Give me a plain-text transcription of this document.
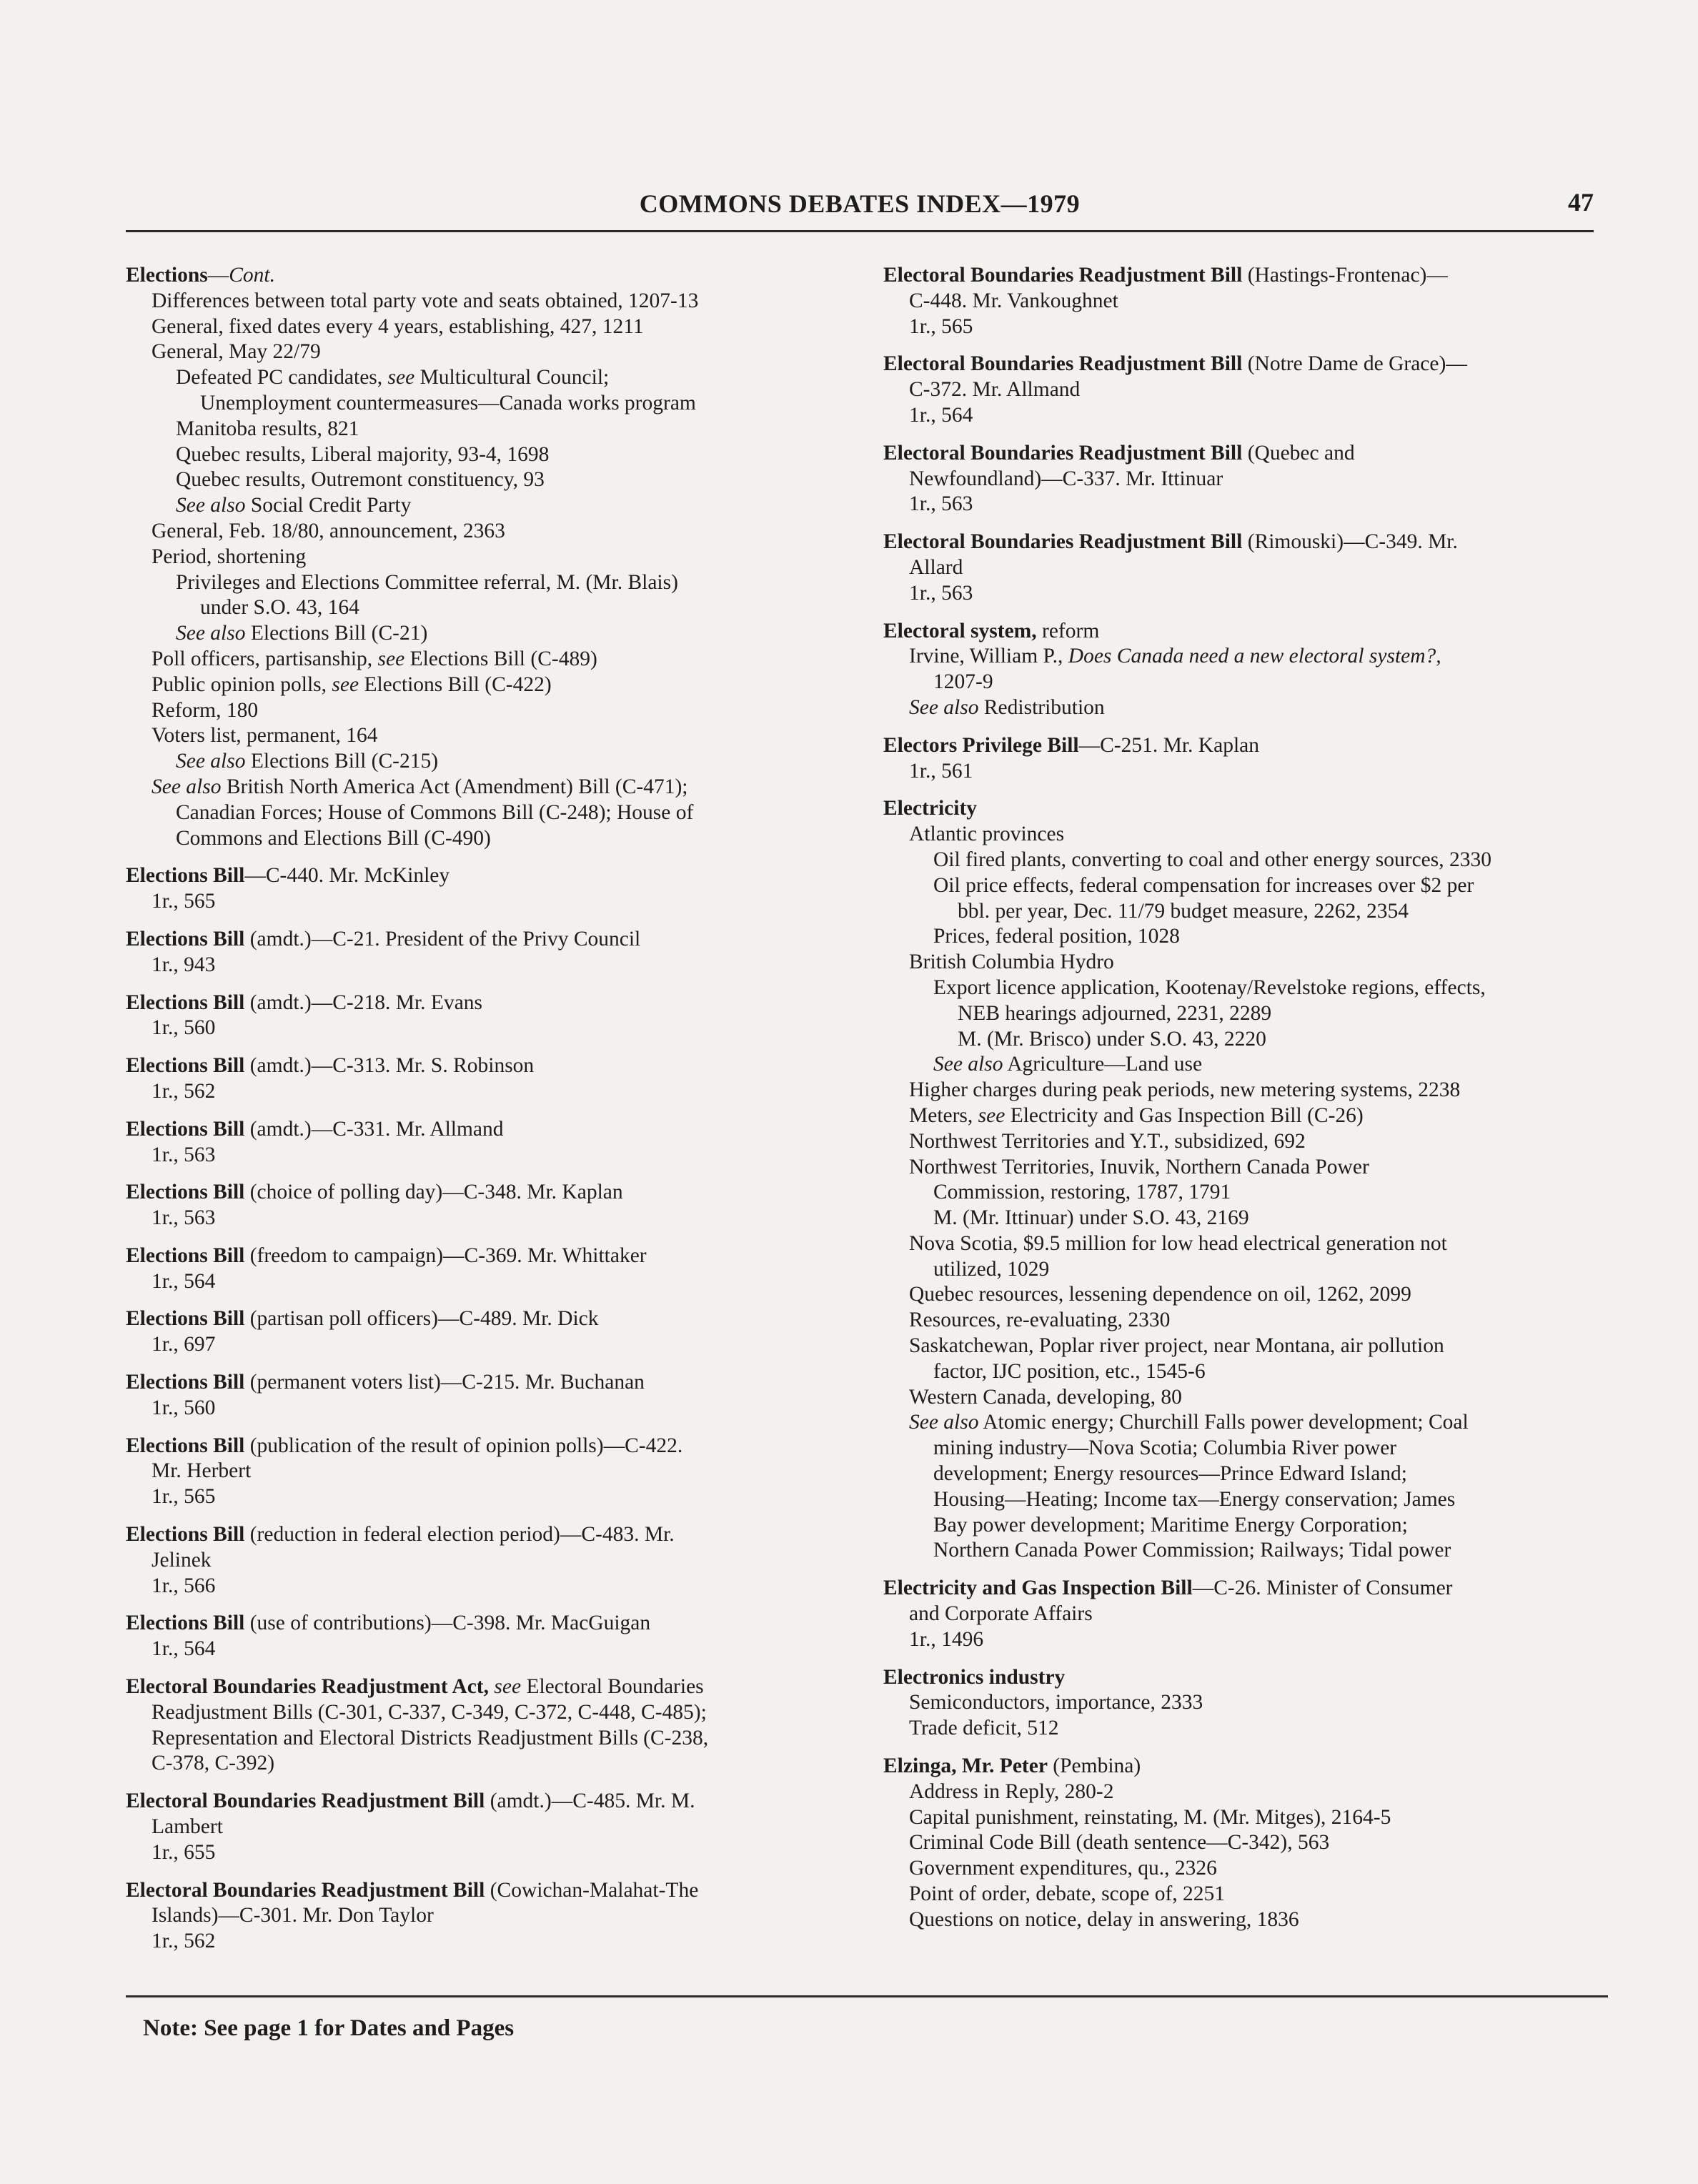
COMMONS DEBATES INDEX—1979	47
Elections—Cont.
Differences between total party vote and seats obtained, 1207-13
General, fixed dates every 4 years, establishing, 427, 1211
General, May 22/79
Defeated PC candidates, see Multicultural Council;
Unemployment countermeasures—Canada works program
Manitoba results, 821
Quebec results, Liberal majority, 93-4, 1698
Quebec results, Outremont constituency, 93
See also Social Credit Party
General, Feb. 18/80, announcement, 2363
Period, shortening
Privileges and Elections Committee referral, M. (Mr. Blais)
under S.O. 43, 164
See also Elections Bill (C-21)
Poll officers, partisanship, see Elections Bill (C-489)
Public opinion polls, see Elections Bill (C-422)
Reform, 180
Voters list, permanent, 164
See also Elections Bill (C-215)
See also British North America Act (Amendment) Bill (C-471);
Canadian Forces; House of Commons Bill (C-248); House of
Commons and Elections Bill (C-490)
Elections Bill—C-440. Mr. McKinley
1r., 565
Elections Bill (amdt.)—C-21. President of the Privy Council
1r., 943
Elections Bill (amdt.)—C-218. Mr. Evans
1r., 560
Elections Bill (amdt.)—C-313. Mr. S. Robinson
1r., 562
Elections Bill (amdt.)—C-331. Mr. Allmand
1r., 563
Elections Bill (choice of polling day)—C-348. Mr. Kaplan
1r., 563
Elections Bill (freedom to campaign)—C-369. Mr. Whittaker
1r., 564
Elections Bill (partisan poll officers)—C-489. Mr. Dick
1r., 697
Elections Bill (permanent voters list)—C-215. Mr. Buchanan
1r., 560
Elections Bill (publication of the result of opinion polls)—C-422.
Mr. Herbert
1r., 565
Elections Bill (reduction in federal election period)—C-483. Mr.
Jelinek
1r., 566
Elections Bill (use of contributions)—C-398. Mr. MacGuigan
1r., 564
Electoral Boundaries Readjustment Act, see Electoral Boundaries
Readjustment Bills (C-301, C-337, C-349, C-372, C-448, C-485);
Representation and Electoral Districts Readjustment Bills (C-238,
C-378, C-392)
Electoral Boundaries Readjustment Bill (amdt.)—C-485. Mr. M.
Lambert
1r., 655
Electoral Boundaries Readjustment Bill (Cowichan-Malahat-The
Islands)—C-301. Mr. Don Taylor
1r., 562
Electoral Boundaries Readjustment Bill (Hastings-Frontenac)—
C-448. Mr. Vankoughnet
1r., 565
Electoral Boundaries Readjustment Bill (Notre Dame de Grace)—
C-372. Mr. Allmand
1r., 564
Electoral Boundaries Readjustment Bill (Quebec and
Newfoundland)—C-337. Mr. Ittinuar
1r., 563
Electoral Boundaries Readjustment Bill (Rimouski)—C-349. Mr.
Allard
1r., 563
Electoral system, reform
Irvine, William P., Does Canada need a new electoral system?,
1207-9
See also Redistribution
Electors Privilege Bill—C-251. Mr. Kaplan
1r., 561
Electricity
Atlantic provinces
Oil fired plants, converting to coal and other energy sources, 2330
Oil price effects, federal compensation for increases over $2 per
bbl. per year, Dec. 11/79 budget measure, 2262, 2354
Prices, federal position, 1028
British Columbia Hydro
Export licence application, Kootenay/Revelstoke regions, effects,
NEB hearings adjourned, 2231, 2289
M. (Mr. Brisco) under S.O. 43, 2220
See also Agriculture—Land use
Higher charges during peak periods, new metering systems, 2238
Meters, see Electricity and Gas Inspection Bill (C-26)
Northwest Territories and Y.T., subsidized, 692
Northwest Territories, Inuvik, Northern Canada Power
Commission, restoring, 1787, 1791
M. (Mr. Ittinuar) under S.O. 43, 2169
Nova Scotia, $9.5 million for low head electrical generation not
utilized, 1029
Quebec resources, lessening dependence on oil, 1262, 2099
Resources, re-evaluating, 2330
Saskatchewan, Poplar river project, near Montana, air pollution
factor, IJC position, etc., 1545-6
Western Canada, developing, 80
See also Atomic energy; Churchill Falls power development; Coal
mining industry—Nova Scotia; Columbia River power
development; Energy resources—Prince Edward Island;
Housing—Heating; Income tax—Energy conservation; James
Bay power development; Maritime Energy Corporation;
Northern Canada Power Commission; Railways; Tidal power
Electricity and Gas Inspection Bill—C-26. Minister of Consumer
and Corporate Affairs
1r., 1496
Electronics industry
Semiconductors, importance, 2333
Trade deficit, 512
Elzinga, Mr. Peter (Pembina)
Address in Reply, 280-2
Capital punishment, reinstating, M. (Mr. Mitges), 2164-5
Criminal Code Bill (death sentence—C-342), 563
Government expenditures, qu., 2326
Point of order, debate, scope of, 2251
Questions on notice, delay in answering, 1836
Note: See page 1 for Dates and Pages
